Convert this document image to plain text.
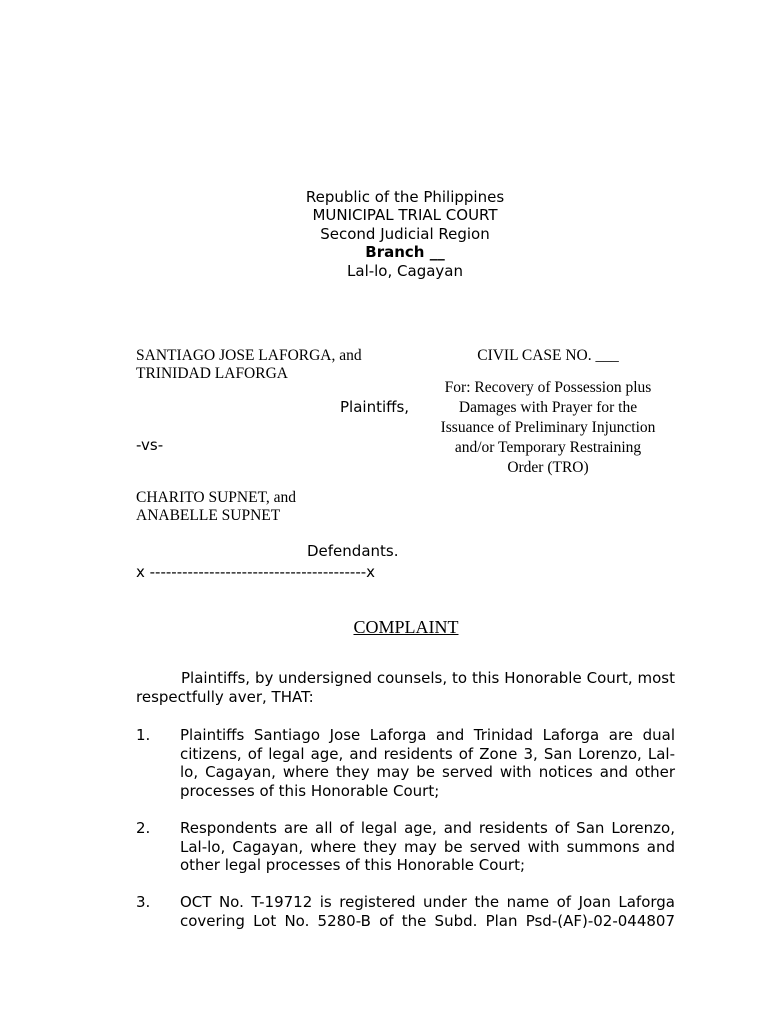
Republic of the Philippines
MUNICIPAL TRIAL COURT
Second Judicial Region
Branch __
Lal-lo, Cagayan
SANTIAGO JOSE LAFORGA, and
TRINIDAD LAFORGA
Plaintiffs,
-vs-
CHARITO SUPNET, and
ANABELLE SUPNET
Defendants.
x ----------------------------------------x
CIVIL CASE NO. ___
For: Recovery of Possession plus
Damages with Prayer for the
Issuance of Preliminary Injunction
and/or Temporary Restraining
Order (TRO)
COMPLAINT
Plaintiffs, by undersigned counsels, to this Honorable Court, most respectfully aver, THAT:
1. Plaintiffs Santiago Jose Laforga and Trinidad Laforga are dual citizens, of legal age, and residents of Zone 3, San Lorenzo, Lal-lo, Cagayan, where they may be served with notices and other processes of this Honorable Court;
2. Respondents are all of legal age, and residents of San Lorenzo, Lal-lo, Cagayan, where they may be served with summons and other legal processes of this Honorable Court;
3. OCT No. T-19712 is registered under the name of Joan Laforga covering Lot No. 5280-B of the Subd. Plan Psd-(AF)-02-044807
